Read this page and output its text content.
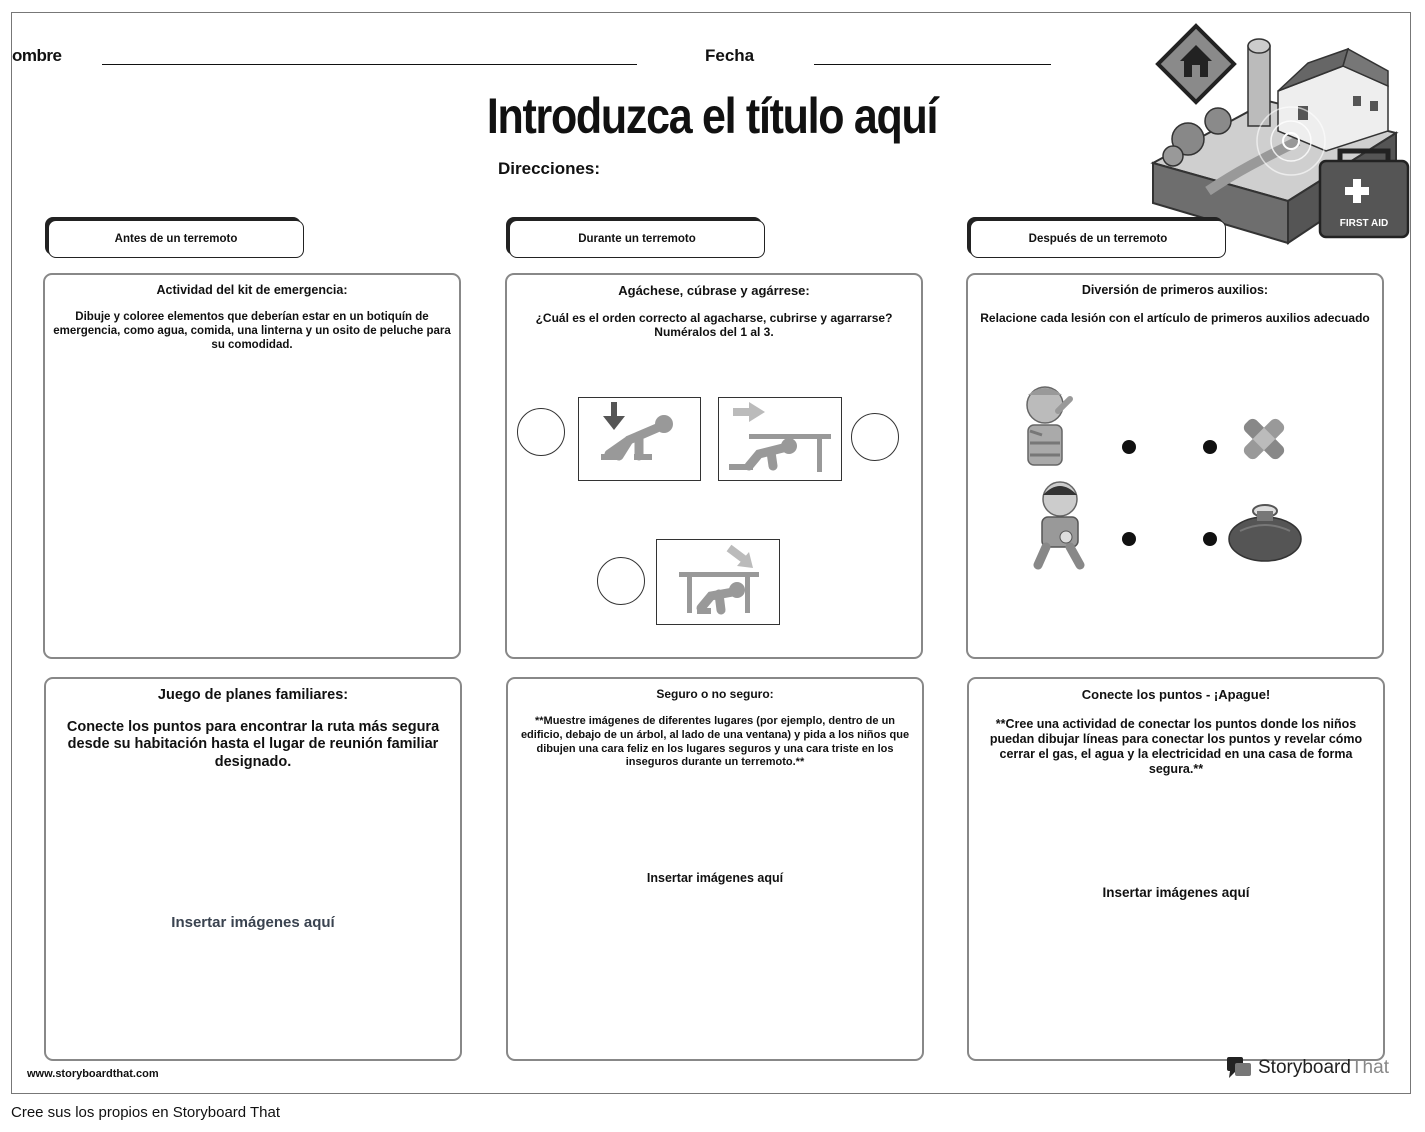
ombre	Fecha
Introduzca el título aquí
Direcciones:
FIRST AID
Antes de un terremoto	Durante un terremoto	Después de un terremoto
Actividad del kit de emergencia:
Dibuje y coloree elementos que deberían estar en un botiquín de emergencia, como agua, comida, una linterna y un osito de peluche para su comodidad.
Agáchese, cúbrase y agárrese:
¿Cuál es el orden correcto al agacharse, cubrirse y agarrarse? Numéralos del 1 al 3.
Diversión de primeros auxilios:
Relacione cada lesión con el artículo de primeros auxilios adecuado
Juego de planes familiares:
Conecte los puntos para encontrar la ruta más segura desde su habitación hasta el lugar de reunión familiar designado.
Insertar imágenes aquí
Seguro o no seguro:
**Muestre imágenes de diferentes lugares (por ejemplo, dentro de un edificio, debajo de un árbol, al lado de una ventana) y pida a los niños que dibujen una cara feliz en los lugares seguros y una cara triste en los inseguros durante un terremoto.**
Insertar imágenes aquí
Conecte los puntos - ¡Apague!
**Cree una actividad de conectar los puntos donde los niños puedan dibujar líneas para conectar los puntos y revelar cómo cerrar el gas, el agua y la electricidad en una casa de forma segura.**
Insertar imágenes aquí
www.storyboardthat.com	StoryboardThat
Cree sus los propios en Storyboard That
